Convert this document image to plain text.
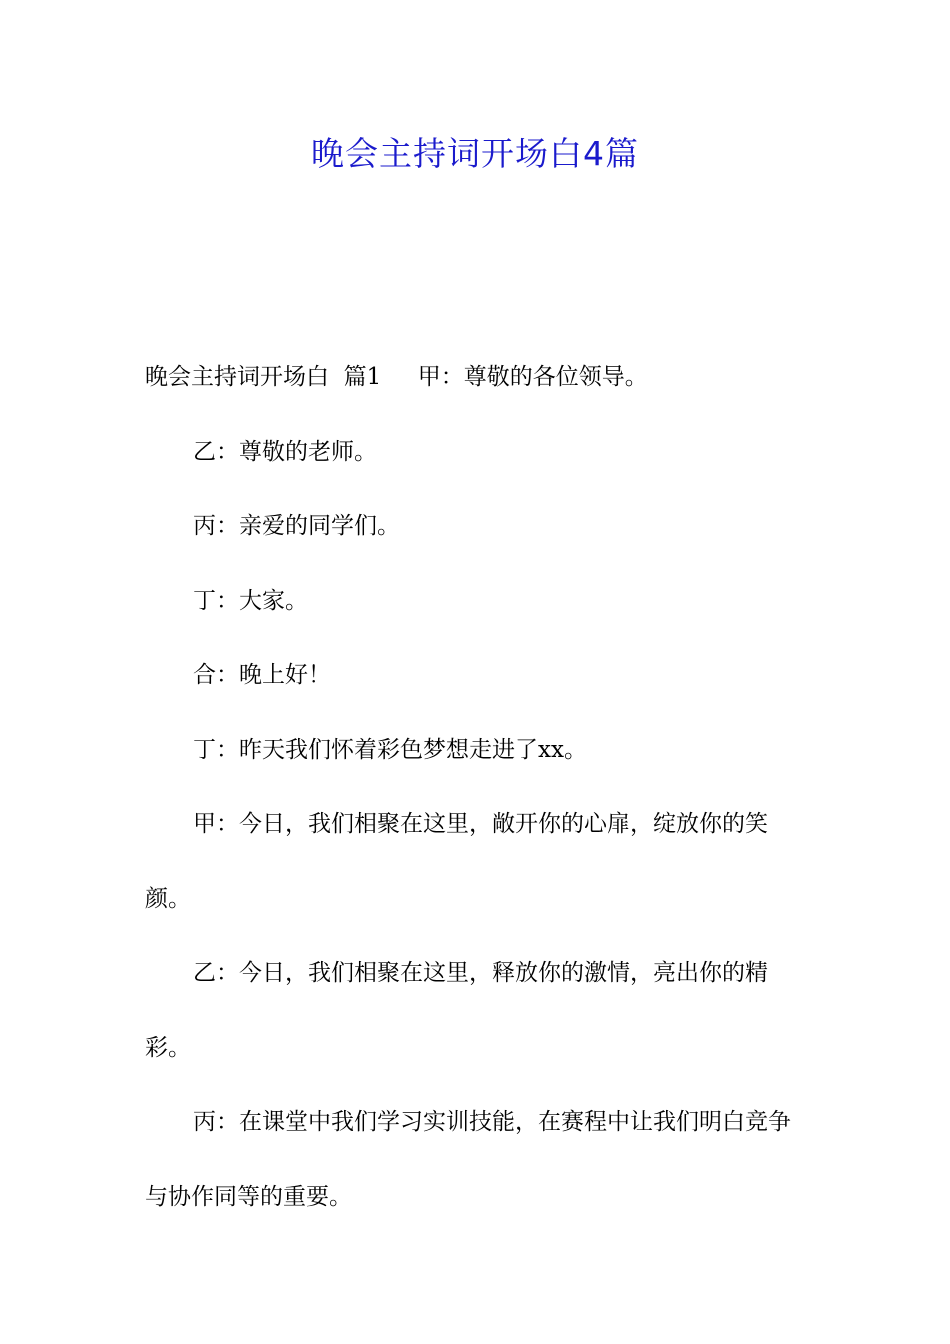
晚会主持词开场白4篇

晚会主持词开场白  篇1     甲：尊敬的各位领导。

乙：尊敬的老师。

丙：亲爱的同学们。

丁：大家。

合：晚上好！

丁：昨天我们怀着彩色梦想走进了xx。

甲：今日，我们相聚在这里，敞开你的心扉，绽放你的笑颜。

乙：今日，我们相聚在这里，释放你的激情，亮出你的精彩。

丙：在课堂中我们学习实训技能，在赛程中让我们明白竞争与协作同等的重要。
